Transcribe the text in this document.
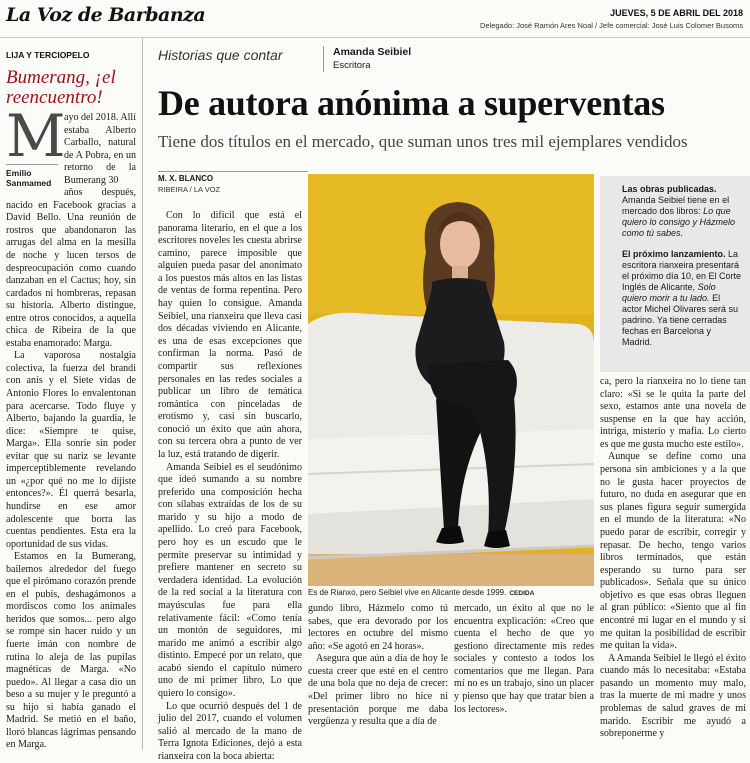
La Voz de Barbanza	JUEVES, 5 DE ABRIL DEL 2018
Delegado: José Ramón Ares Noal / Jefe comercial: José Luis Colomer Busoms
LIJA Y TERCIOPELO
Bumerang, ¡el reencuentro!
M
Emilio Sanmamed

ayo del 2018. Allí estaba Alberto Carballo, natural de A Pobra, en un retorno de la Bumerang 30

años después, nacido en Facebook gracias a David Bello. Una reunión de rostros que abandonaron las arrugas del alma en la mesilla de noche y lucen tersos de despreocupación como cuando danzaban en el Cactus; hoy, sin cardados ni hombreras, repasan su historia. Alberto distingue, entre otros conocidos, a aquella chica de Ribeira de la que estaba enamorado: Marga.

La vaporosa nostalgia colectiva, la fuerza del brandi con anís y el Siete vidas de Antonio Flores lo envalentonan para acercarse. Todo fluye y Alberto, bajando la guardia, le dice: «Siempre te quise, Marga». Ella sonríe sin poder evitar que su nariz se levante imperceptiblemente revelando un «¿por qué no me lo dijiste entonces?». Él querrá besarla, hundirse en ese amor adolescente que borra las cuentas pendientes. Esta era la oportunidad de sus vidas.

Estamos en la Bumerang, bailemos alrededor del fuego que el pirómano corazón prende en el pubis, deshagámonos a mordiscos como los animales heridos que somos... pero algo se rompe sin hacer ruido y un fuerte imán con nombre de rutina lo aleja de las pupilas magnéticas de Marga. «No puedo». Al llegar a casa dio un beso a su mujer y le preguntó a su hijo si había ganado el Madrid. Se metió en el baño, lloró blancas lágrimas pensando en Marga.

Historias que contar	Amanda Seibiel
Escritora
De autora anónima a superventas
Tiene dos títulos en el mercado, que suman unos tres mil ejemplares vendidos
M. X. BLANCO
RIBEIRA / LA VOZ

Con lo difícil que está el panorama literario, en el que a los escritores noveles les cuesta abrirse camino, parece imposible que alguien pueda pasar del anonimato a los puestos más altos en las listas de ventas de forma repentina. Pero hay quien lo consigue. Amanda Seibiel, una rianxeira que lleva casi dos décadas viviendo en Alicante, es una de esas excepciones que confirman la norma. Pasó de compartir sus reflexiones personales en las redes sociales a publicar un libro de temática romántica con pinceladas de erotismo y, casi sin buscarlo, conoció un éxito que aún ahora, con su tercera obra a punto de ver la luz, está tratando de digerir.

Amanda Seibiel es el seudónimo que ideó sumando a su nombre preferido una composición hecha con sílabas extraídas de los de su marido y su hijo a modo de apellido. Lo creó para Facebook, pero hoy es un escudo que le permite preservar su intimidad y prefiere mantener en secreto su verdadera identidad. La evolución de la red social a la literatura con mayúsculas fue para ella relativamente fácil: «Como tenía un montón de seguidores, mi marido me animó a escribir algo distinto. Empecé por un relato, que acabó siendo el capítulo número uno de mi primer libro, Lo que quiero lo consigo».

Lo que ocurrió después del 1 de julio del 2017, cuando el volumen salió al mercado de la mano de Terra Ignota Ediciones, dejó a esta rianxeira con la boca abierta:

Es de Rianxo, pero Seibiel vive en Alicante desde 1999. CEDIDA

gundo libro, Házmelo como tú sabes, que era devorado por los lectores en octubre del mismo año: «Se agotó en 24 horas».

Asegura que aún a día de hoy le cuesta creer que esté en el centro de una bola que no deja de crecer: «Del primer libro no hice ni presentación porque me daba vergüenza y resulta que a día de

mercado, un éxito al que no le encuentra explicación: «Creo que cuenta el hecho de que yo gestiono directamente mis redes sociales y contesto a todos los comentarios que me llegan. Para mí no es un trabajo, sino un placer y pienso que hay que tratar bien a los lectores».

Las obras publicadas. Amanda Seibiel tiene en el mercado dos libros: Lo que quiero lo consigo y Házmelo como tú sabes.
El próximo lanzamiento. La escritora rianxeira presentará el próximo día 10, en El Corte Inglés de Alicante, Solo quiero morir a tu lado. El actor Michel Olivares será su padrino. Ya tiene cerradas fechas en Barcelona y Madrid.

ca, pero la rianxeira no lo tiene tan claro: «Si se le quita la parte del sexo, estamos ante una novela de suspense en la que hay acción, intriga, misterio y mafia. Lo cierto es que me gusta mucho este estilo».

Aunque se define como una persona sin ambiciones y a la que no le gusta hacer proyectos de futuro, no duda en asegurar que en sus planes figura seguir sumergida en el mundo de la literatura: «No puedo parar de escribir, corregir y repasar. De hecho, tengo varios libros terminados, que están esperando su turno para ser publicados». Señala que su único objetivo es que esas obras lleguen al gran público: «Siento que al fin encontré mi lugar en el mundo y si me quitan la posibilidad de escribir me quitan la vida».

A Amanda Seibiel le llegó el éxito cuando más lo necesitaba: «Estaba pasando un momento muy malo, tras la muerte de mi madre y unos problemas de salud graves de mi marido. Escribir me ayudó a sobreponerme y
